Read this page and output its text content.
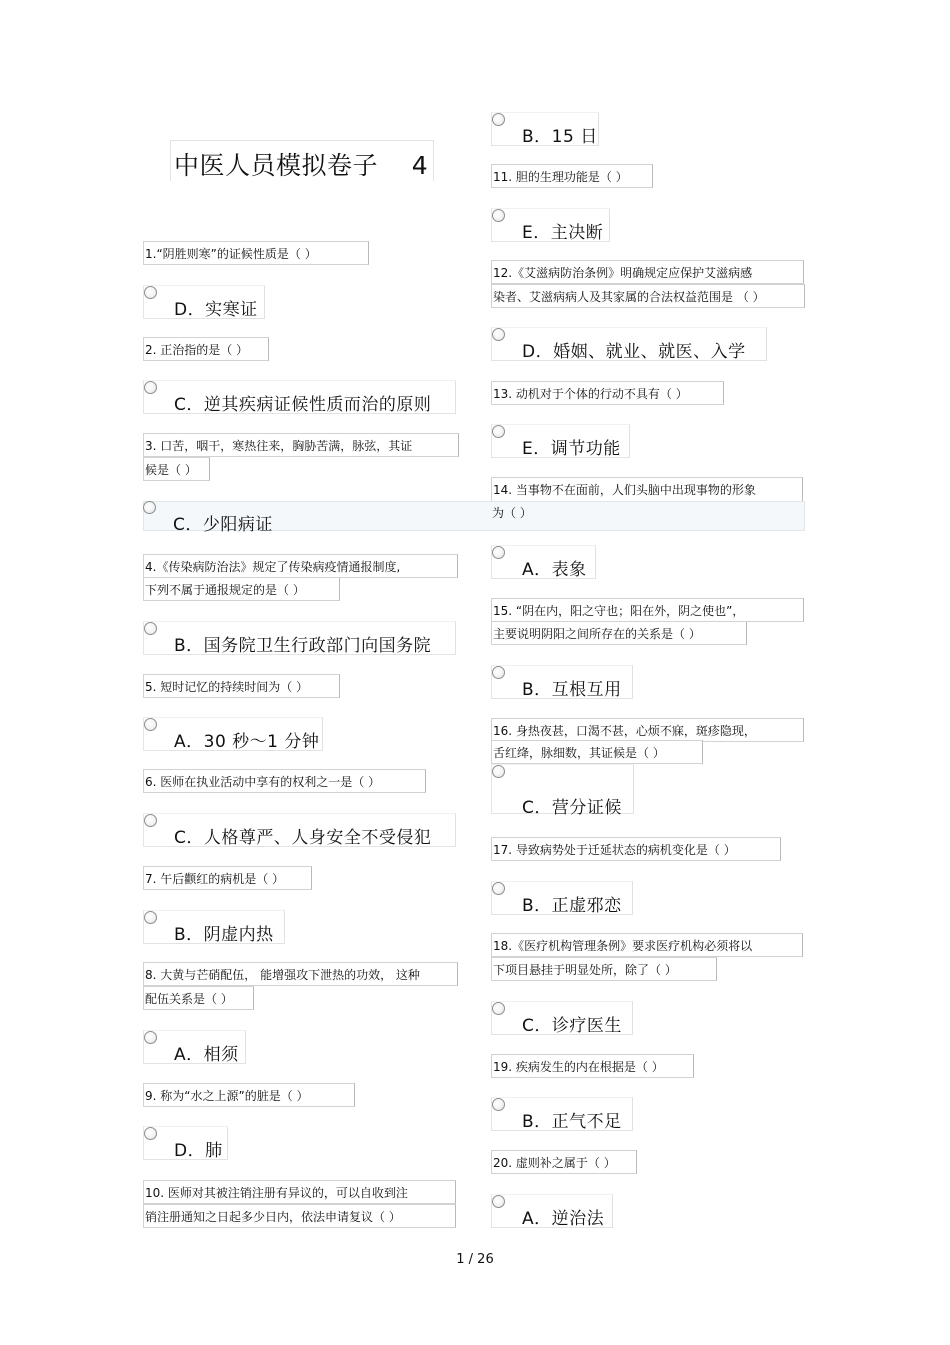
中医人员模拟卷子    4
1.“阴胜则寒”的证候性质是（ ）
D．实寒证
2. 正治指的是（ ）
C．逆其疾病证候性质而治的原则
3. 口苦，咽干，寒热往来，胸胁苦满，脉弦，其证
候是（ ）
C．少阳病证
4.《传染病防治法》规定了传染病疫情通报制度,
下列不属于通报规定的是（ ）
B．国务院卫生行政部门向国务院
5. 短时记忆的持续时间为（ ）
A．30 秒～1 分钟
6. 医师在执业活动中享有的权利之一是（ ）
C．人格尊严、人身安全不受侵犯
7. 午后颧红的病机是（ ）
B．阴虚内热
8. 大黄与芒硝配伍， 能增强攻下泄热的功效， 这种
配伍关系是（ ）
A．相须
9. 称为“水之上源”的脏是（ ）
D．肺
10. 医师对其被注销注册有异议的，可以自收到注
销注册通知之日起多少日内，依法申请复议（ ）
B．15 日
11. 胆的生理功能是（ ）
E．主决断
12.《艾滋病防治条例》明确规定应保护艾滋病感
染者、艾滋病病人及其家属的合法权益范围是 （ ）
D．婚姻、就业、就医、入学
13. 动机对于个体的行动不具有（ ）
E．调节功能
14. 当事物不在面前，人们头脑中出现事物的形象
为（ ）
A．表象
15. “阴在内，阳之守也；阳在外，阴之使也”，
主要说明阴阳之间所存在的关系是（ ）
B．互根互用
16. 身热夜甚，口渴不甚，心烦不寐，斑疹隐现，
舌红绛，脉细数，其证候是（ ）
C．营分证候
17. 导致病势处于迁延状态的病机变化是（ ）
B．正虚邪恋
18.《医疗机构管理条例》要求医疗机构必须将以
下项目悬挂于明显处所，除了（ ）
C．诊疗医生
19. 疾病发生的内在根据是（ ）
B．正气不足
20. 虚则补之属于（ ）
A．逆治法
1 / 26
